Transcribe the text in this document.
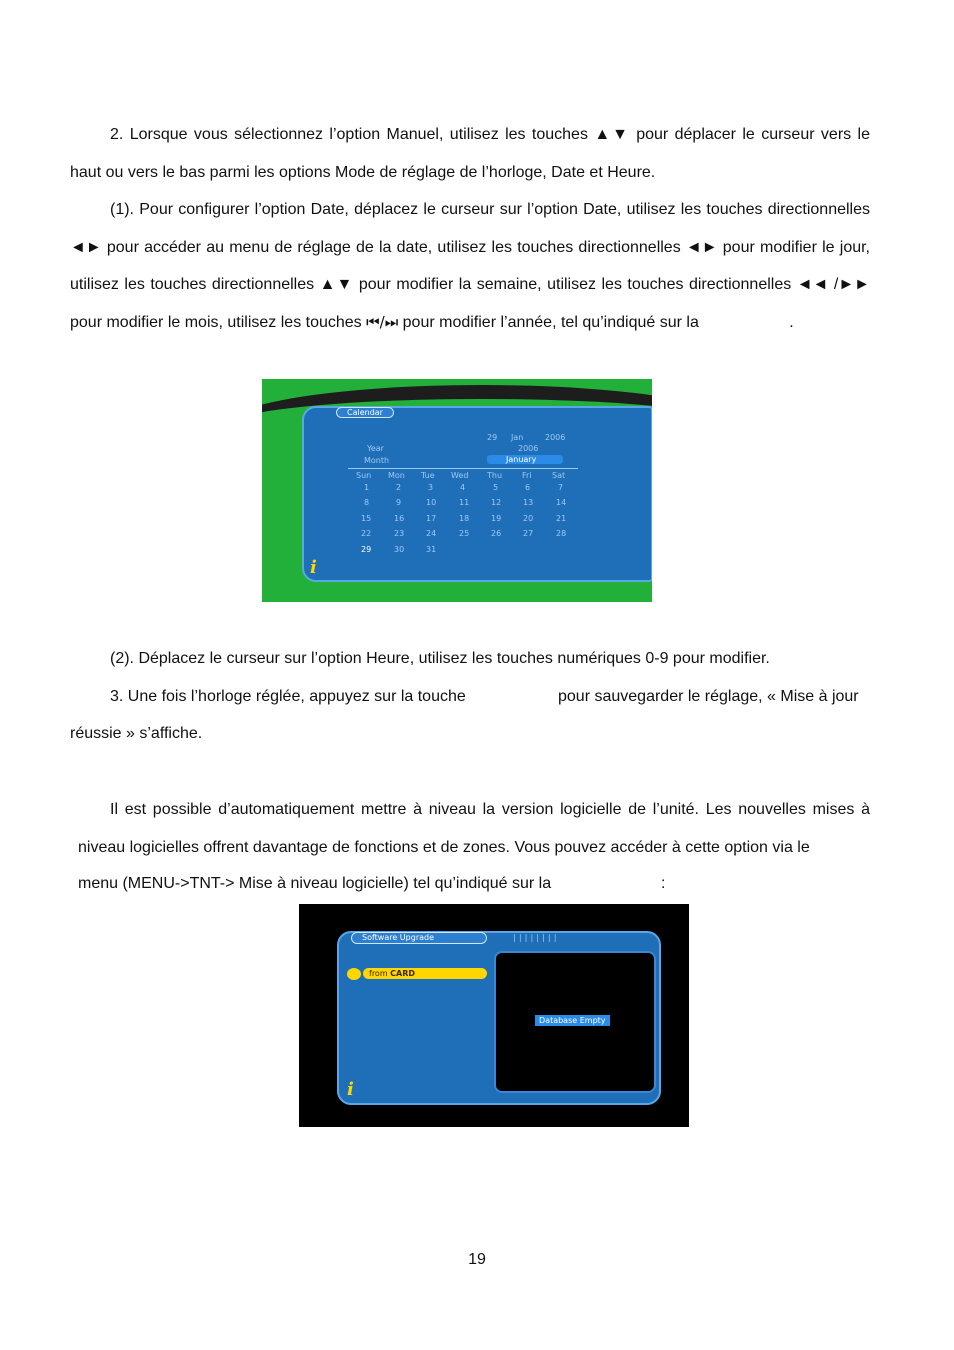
2. Lorsque vous sélectionnez l’option Manuel, utilisez les touches ▲▼ pour déplacer le curseur vers le haut ou vers le bas parmi les options Mode de réglage de l’horloge, Date et Heure.
(1). Pour configurer l’option Date, déplacez le curseur sur l’option Date, utilisez les touches directionnelles ◄► pour accéder au menu de réglage de la date, utilisez les touches directionnelles ◄► pour modifier le jour, utilisez les touches directionnelles ▲▼ pour modifier la semaine, utilisez les touches directionnelles ◄◄ /►► pour modifier le mois, utilisez les touches ⏮/⏭ pour modifier l’année, tel qu’indiqué sur la	.
Calendar
29 Jan	2006
Year	2006
Month	January
Sun Mon Tue Wed Thu Fri	Sat
1	2	3	4	5	6	7
8	9	10	11	12	13	14
15	16	17	18	19	20	21
22	23	24	25	26	27	28
29	30	31
i
(2). Déplacez le curseur sur l’option Heure, utilisez les touches numériques 0-9 pour modifier.
3. Une fois l’horloge réglée, appuyez sur la touche	pour sauvegarder le réglage, « Mise à jour
réussie » s’affiche.
Il est possible d’automatiquement mettre à niveau la version logicielle de l’unité. Les nouvelles mises à niveau logicielles offrent davantage de fonctions et de zones. Vous pouvez accéder à cette option via le
menu (MENU->TNT-> Mise à niveau logicielle) tel qu’indiqué sur la	:
Software Upgrade	||||||||
from CARD
Database Empty
i
19
